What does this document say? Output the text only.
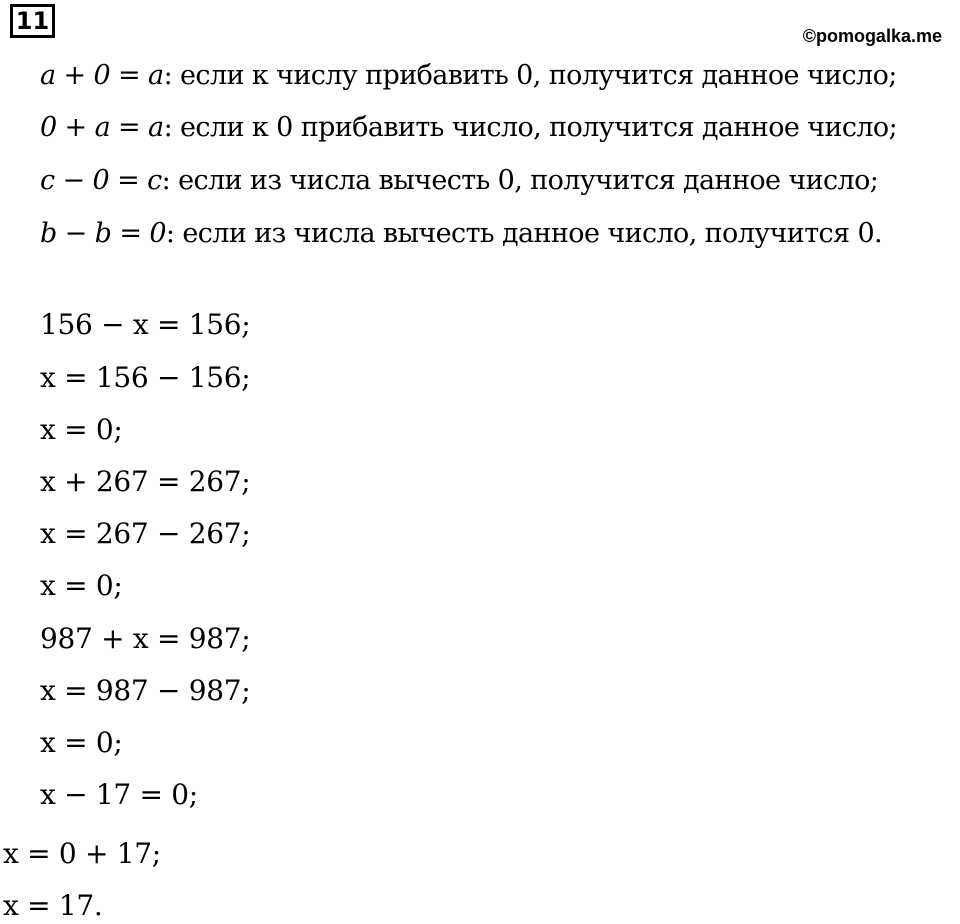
11
©pomogalka.me
a + 0 = a: если к числу прибавить 0, получится данное число;
0 + a = a: если к 0 прибавить число, получится данное число;
c − 0 = c: если из числа вычесть 0, получится данное число;
b − b = 0: если из числа вычесть данное число, получится 0.
156 − x = 156;
x = 156 − 156;
x = 0;
x + 267 = 267;
x = 267 − 267;
x = 0;
987 + x = 987;
x = 987 − 987;
x = 0;
x − 17 = 0;
x = 0 + 17;
x = 17.
